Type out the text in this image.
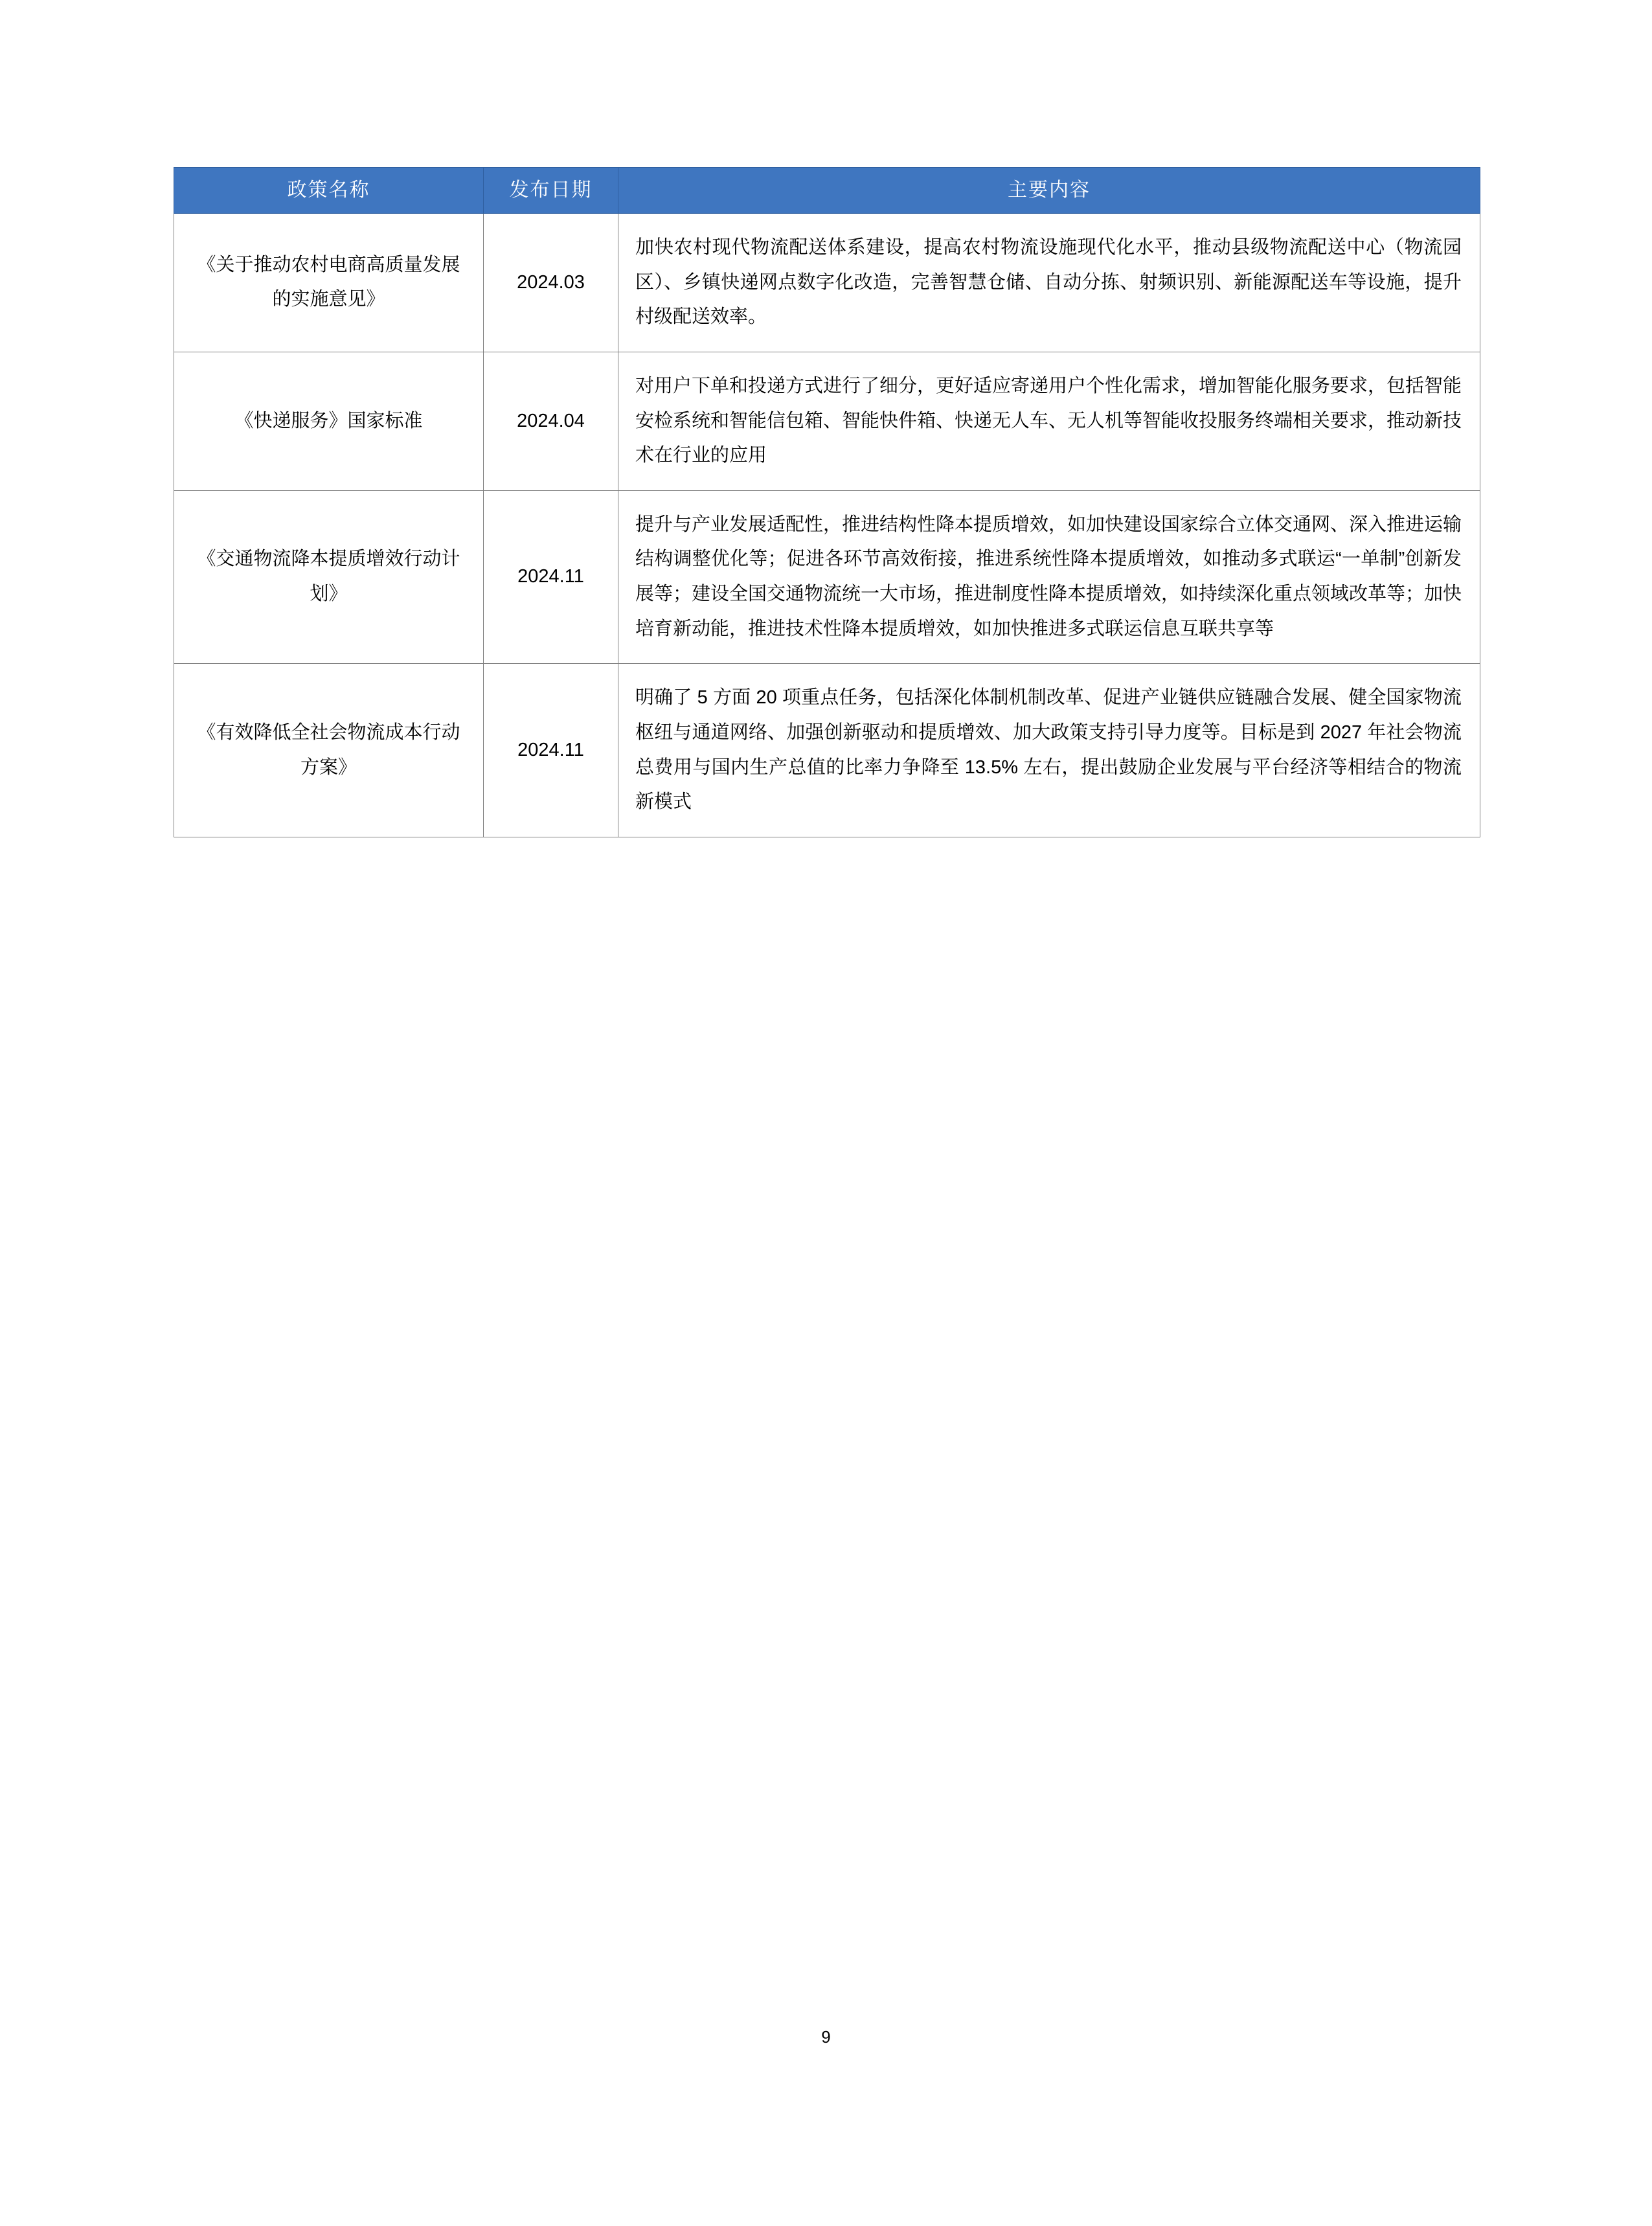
政策名称	发布日期	主要内容
《关于推动农村电商高质量发展的实施意见》	2024.03	加快农村现代物流配送体系建设，提高农村物流设施现代化水平，推动县级物流配送中心（物流园区）、乡镇快递网点数字化改造，完善智慧仓储、自动分拣、射频识别、新能源配送车等设施，提升村级配送效率。
《快递服务》国家标准	2024.04	对用户下单和投递方式进行了细分，更好适应寄递用户个性化需求，增加智能化服务要求，包括智能安检系统和智能信包箱、智能快件箱、快递无人车、无人机等智能收投服务终端相关要求，推动新技术在行业的应用
《交通物流降本提质增效行动计划》	2024.11	提升与产业发展适配性，推进结构性降本提质增效，如加快建设国家综合立体交通网、深入推进运输结构调整优化等；促进各环节高效衔接，推进系统性降本提质增效，如推动多式联运“一单制”创新发展等；建设全国交通物流统一大市场，推进制度性降本提质增效，如持续深化重点领域改革等；加快培育新动能，推进技术性降本提质增效，如加快推进多式联运信息互联共享等
《有效降低全社会物流成本行动方案》	2024.11	明确了 5 方面 20 项重点任务，包括深化体制机制改革、促进产业链供应链融合发展、健全国家物流枢纽与通道网络、加强创新驱动和提质增效、加大政策支持引导力度等。目标是到 2027 年社会物流总费用与国内生产总值的比率力争降至 13.5% 左右，提出鼓励企业发展与平台经济等相结合的物流新模式
9
